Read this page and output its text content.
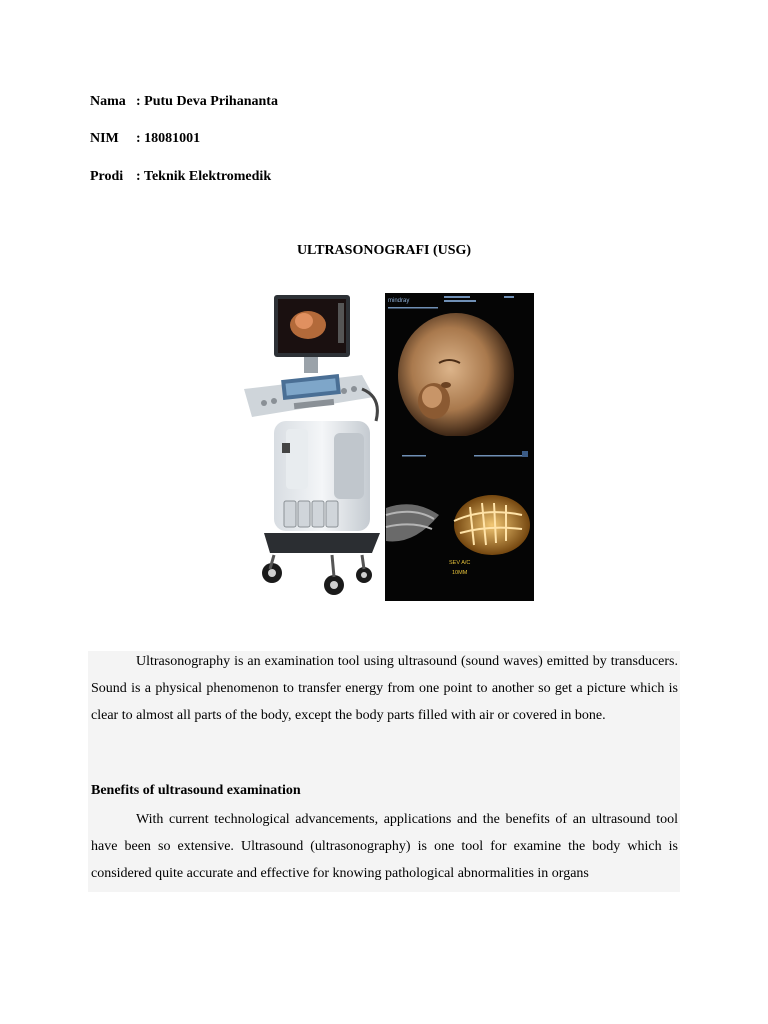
Nama : Putu Deva Prihananta
NIM : 18081001
Prodi : Teknik Elektromedik
ULTRASONOGRAFI (USG)
mindray
SEV A/C
10MM
Ultrasonography is an examination tool using ultrasound (sound waves) emitted by transducers. Sound is a physical phenomenon to transfer energy from one point to another so get a picture which is clear to almost all parts of the body, except the body parts filled with air or covered in bone.
Benefits of ultrasound examination
With current technological advancements, applications and the benefits of an ultrasound tool have been so extensive. Ultrasound (ultrasonography) is one tool for examine the body which is considered quite accurate and effective for knowing pathological abnormalities in organs
